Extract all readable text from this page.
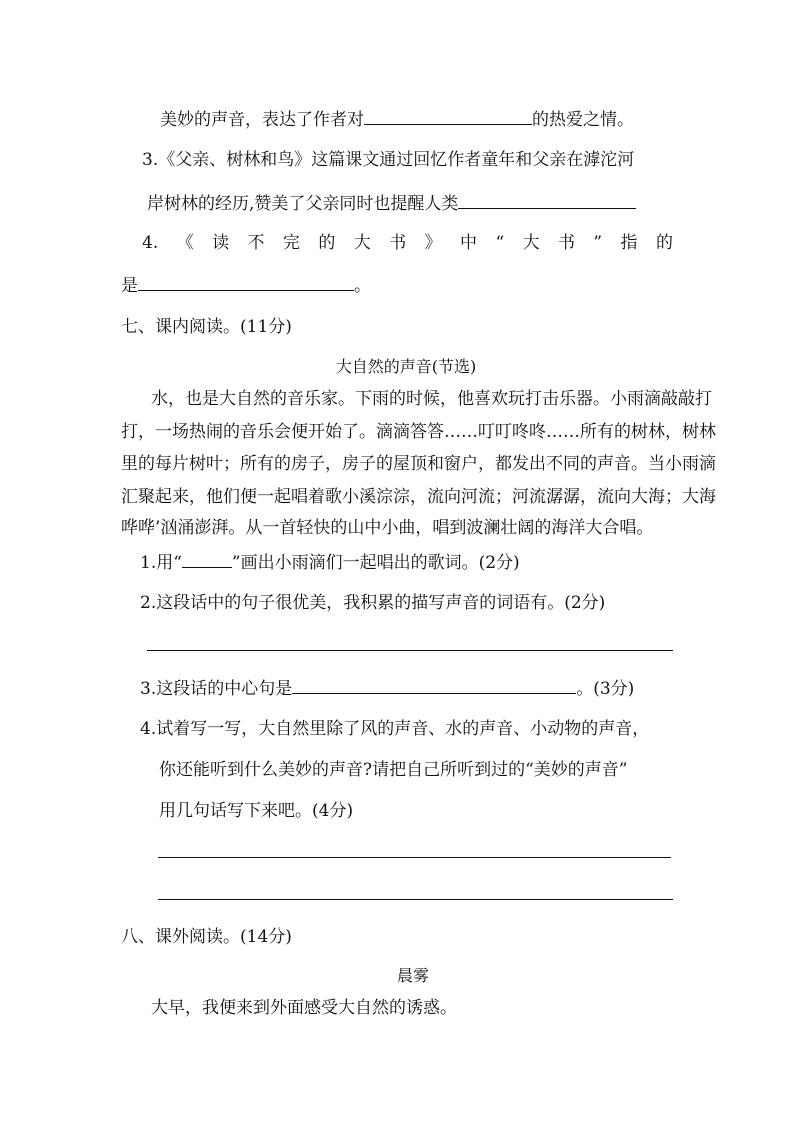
美妙的声音，表达了作者对	的热爱之情。
3.《父亲、树林和鸟》这篇课文通过回忆作者童年和父亲在滹沱河
岸树林的经历,赞美了父亲同时也提醒人类
4. 《 读 不 完 的 大 书 》 中 “ 大 书 ” 指 的
是	。
七、课内阅读。(11分)
大自然的声音(节选)
水，也是大自然的音乐家。下雨的时候，他喜欢玩打击乐器。小雨滴敲敲打
打，一场热闹的音乐会便开始了。滴滴答答……叮叮咚咚……所有的树林，树林
里的每片树叶；所有的房子，房子的屋顶和窗户，都发出不同的声音。当小雨滴
汇聚起来，他们便一起唱着歌小溪淙淙，流向河流；河流潺潺，流向大海；大海
哗哗’汹涌澎湃。从一首轻快的山中小曲，唱到波澜壮阔的海洋大合唱。
1.用“	”画出小雨滴们一起唱出的歌词。(2分)
2.这段话中的句子很优美，我积累的描写声音的词语有。(2分)
3.这段话的中心句是	。(3分)
4.试着写一写，大自然里除了风的声音、水的声音、小动物的声音，
你还能听到什么美妙的声音?请把自己所听到过的“美妙的声音”
用几句话写下来吧。(4分)
八、课外阅读。(14分)
晨雾
大早，我便来到外面感受大自然的诱惑。
